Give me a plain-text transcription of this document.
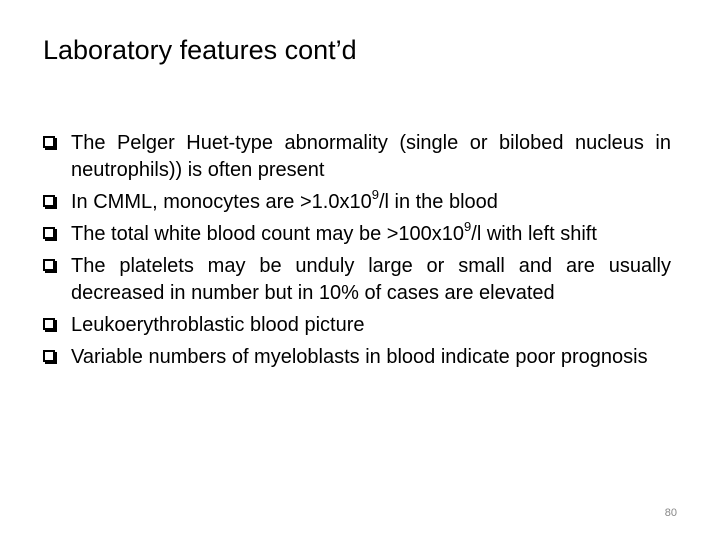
Laboratory features cont’d
The Pelger Huet-type abnormality (single or bilobed nucleus in neutrophils)) is often present
In CMML, monocytes are $>1.0x10^9/l$ in the blood
The total white blood count may be $>100x10^9/l$ with left shift
The platelets may be unduly large or small and are usually decreased in number but in 10% of cases are elevated
Leukoerythroblastic blood picture
Variable numbers of myeloblasts in blood indicate poor prognosis
80
